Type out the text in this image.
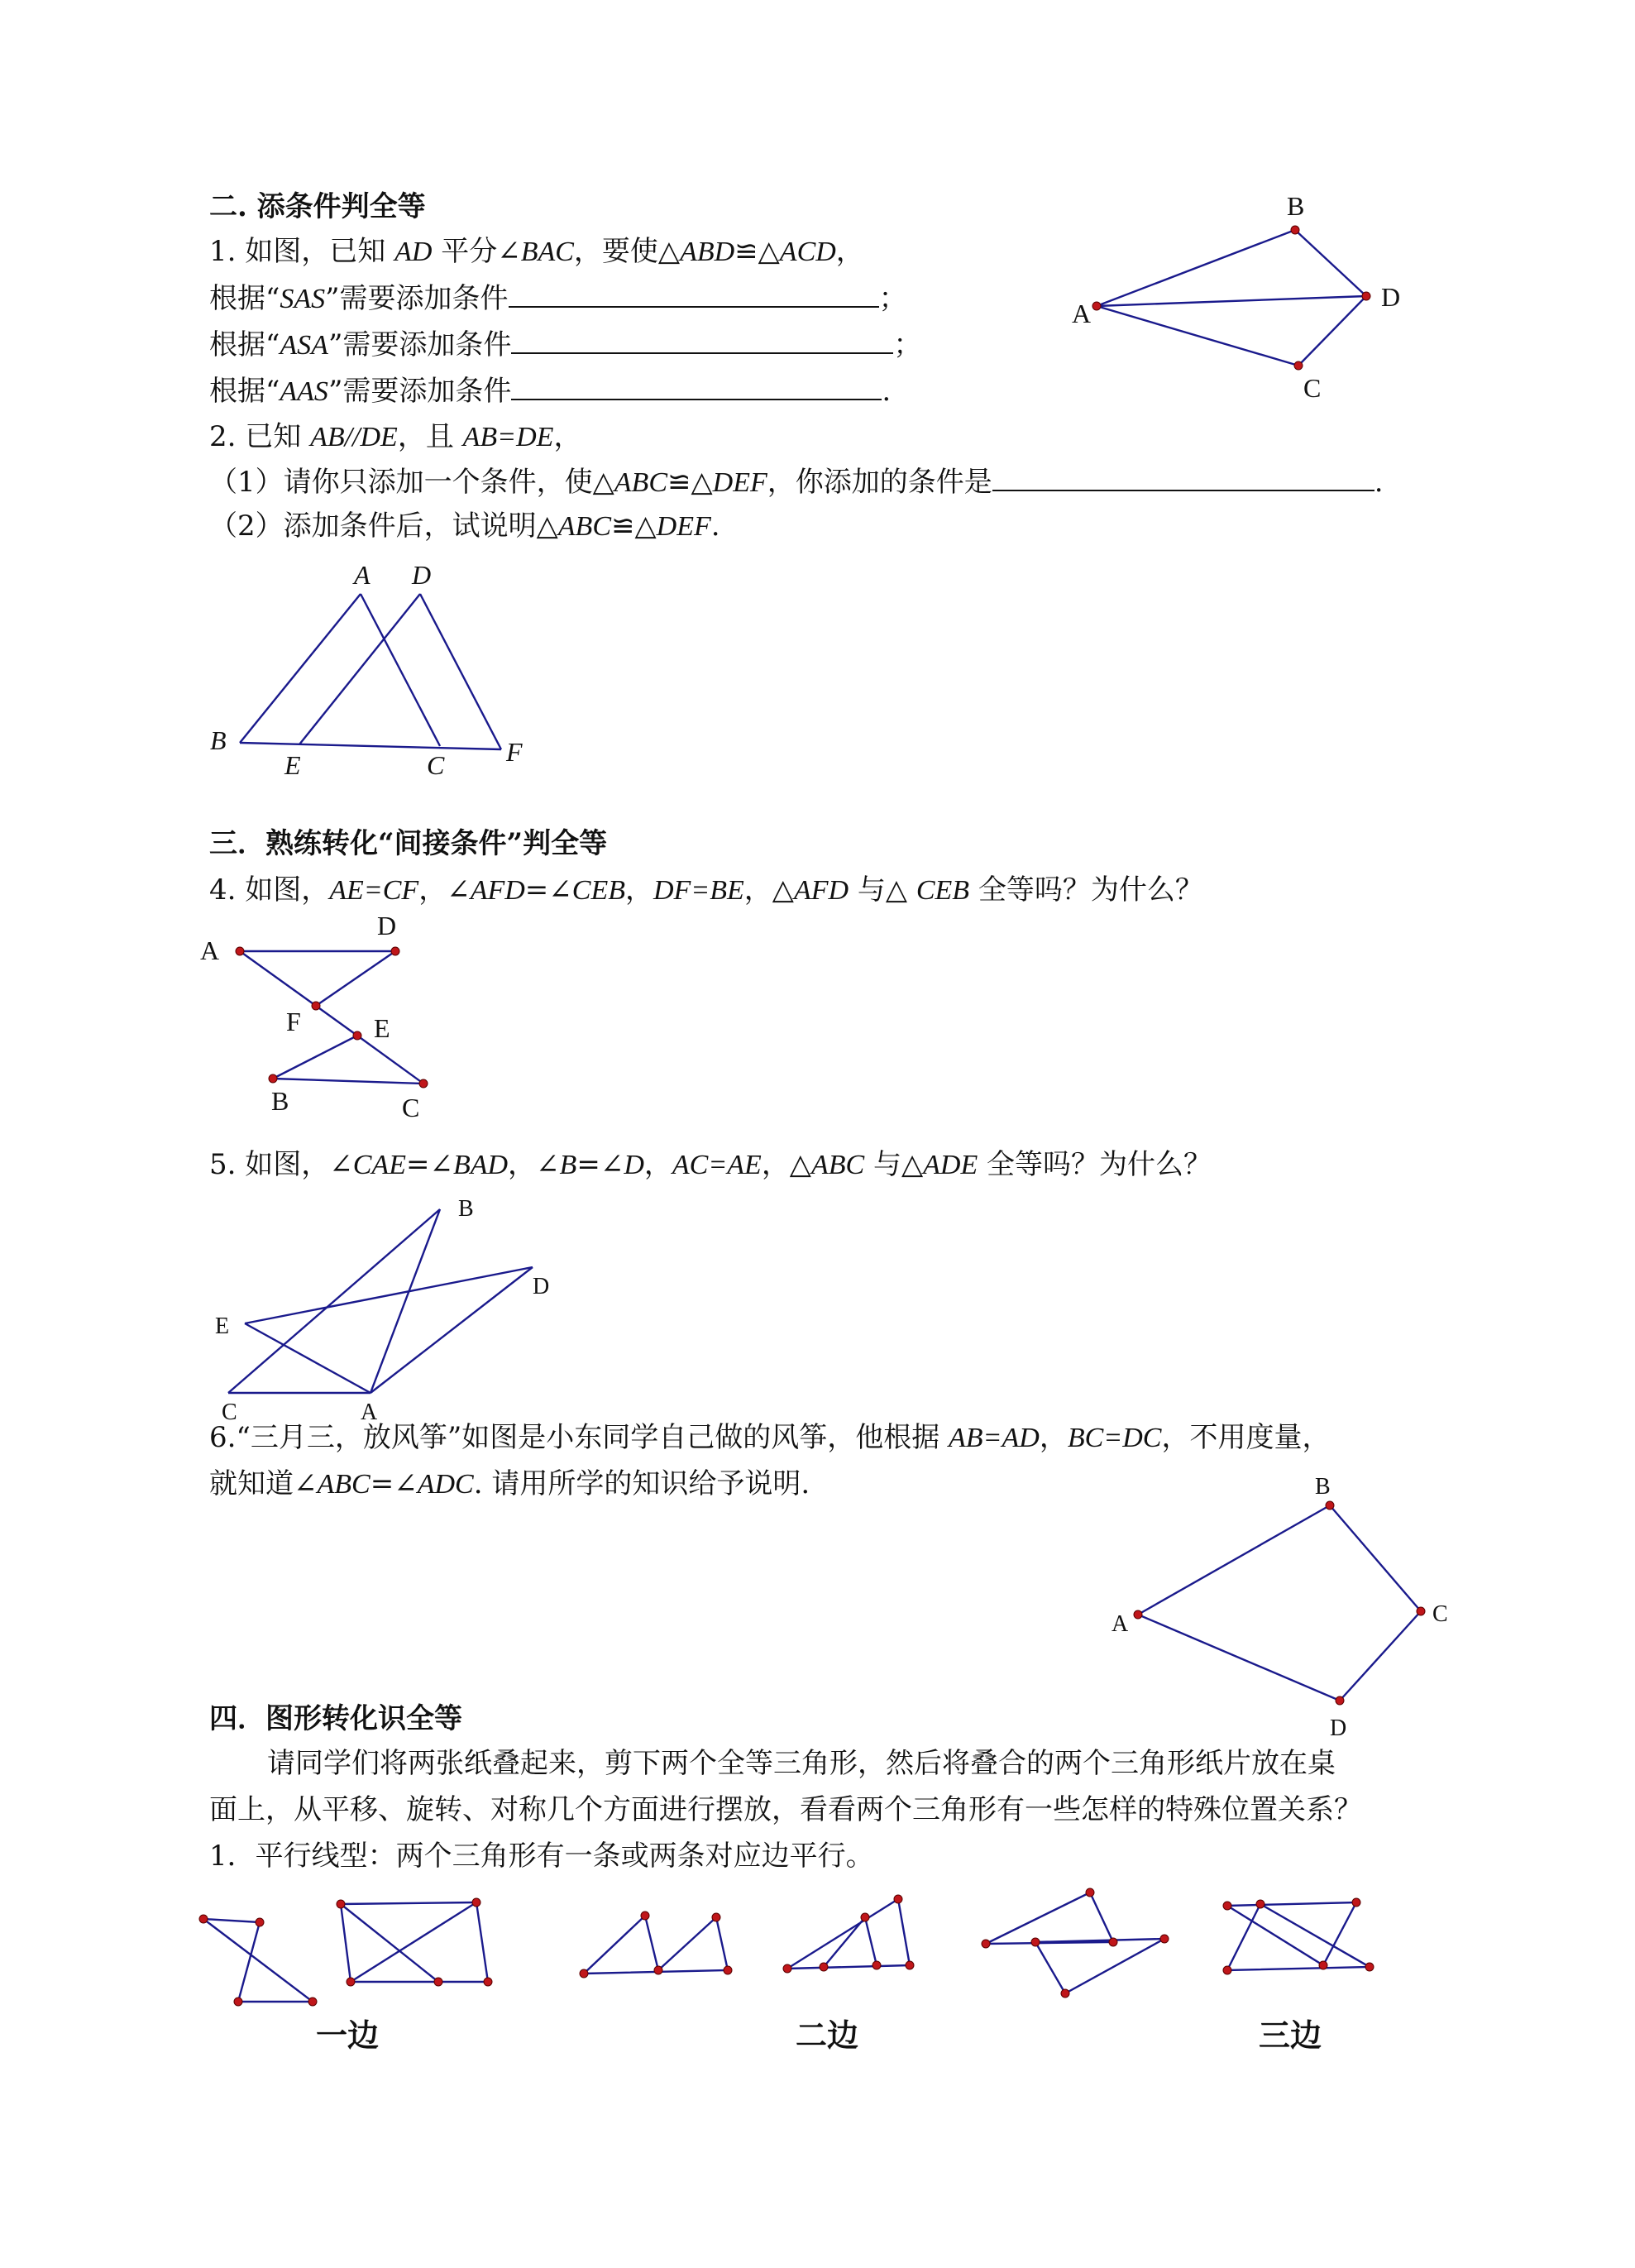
二. 添条件判全等
1. 如图，已知 AD 平分∠BAC，要使△ABD≌△ACD，
根据“SAS”需要添加条件	；
根据“ASA”需要添加条件	；
根据“AAS”需要添加条件	.
A
B
D
C
2. 已知 AB//DE，且 AB=DE，
（1）请你只添加一个条件，使△ABC≌△DEF，你添加的条件是	.
（2）添加条件后，试说明△ABC≌△DEF.
A D
B
E	C F
三．熟练转化“间接条件”判全等
4. 如图，AE=CF，∠AFD=∠CEB，DF=BE，△AFD 与△ CEB 全等吗？为什么？
A
D
F	E
B	C
5. 如图，∠CAE=∠BAD，∠B=∠D，AC=AE，△ABC 与△ADE 全等吗？为什么？
B
D
E
C	A
6.“三月三，放风筝”如图是小东同学自己做的风筝，他根据 AB=AD，BC=DC，不用度量，
就知道∠ABC=∠ADC. 请用所学的知识给予说明.	B
A	C
D
四．图形转化识全等
请同学们将两张纸叠起来，剪下两个全等三角形，然后将叠合的两个三角形纸片放在桌
面上，从平移、旋转、对称几个方面进行摆放，看看两个三角形有一些怎样的特殊位置关系？
1．平行线型：两个三角形有一条或两条对应边平行。
一边	二边	三边
